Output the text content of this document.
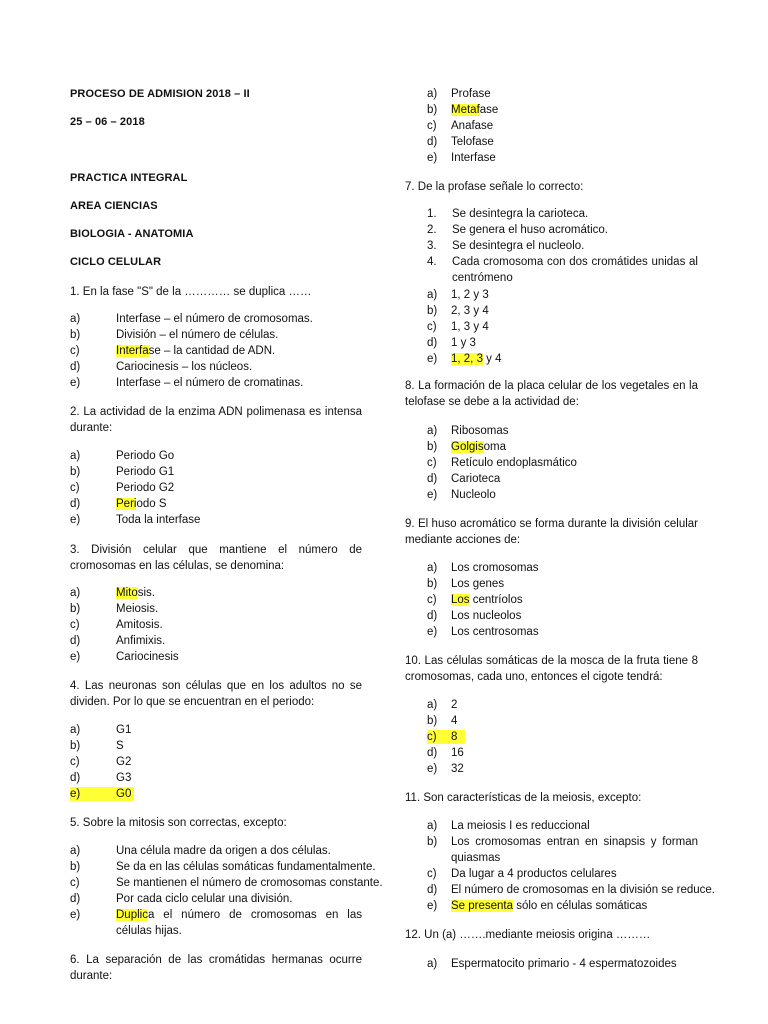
PROCESO DE ADMISION 2018 – II
25 – 06 – 2018
PRACTICA INTEGRAL
AREA CIENCIAS
BIOLOGIA - ANATOMIA
CICLO CELULAR
1. En la fase "S" de la ………… se duplica ……
a)	Interfase – el número de cromosomas.
b)	División – el número de células.
c)	Interfase – la cantidad de ADN.
d)	Cariocinesis – los núcleos.
e)	Interfase – el número de cromatinas.
2. La actividad de la enzima ADN polimenasa es intensa durante:
a)	Periodo Go
b)	Periodo G1
c)	Periodo G2
d)	Periodo S
e)	Toda la interfase
3. División celular que mantiene el número de cromosomas en las células, se denomina:
a)	Mitosis.
b)	Meiosis.
c)	Amitosis.
d)	Anfimixis.
e)	Cariocinesis
4. Las neuronas son células que en los adultos no se dividen. Por lo que se encuentran en el periodo:
a)	G1
b)	S
c)	G2
d)	G3
e)	G0
5. Sobre la mitosis son correctas, excepto:
a)	Una célula madre da origen a dos células.
b)	Se da en las células somáticas fundamentalmente.
c)	Se mantienen el número de cromosomas constante.
d)	Por cada ciclo celular una división.
e)	Duplica el número de cromosomas en las células hijas.
6. La separación de las cromátidas hermanas ocurre durante:
a) Profase
b) Metafase
c) Anafase
d) Telofase
e) Interfase
7. De la profase señale lo correcto:
1. Se desintegra la carioteca.
2. Se genera el huso acromático.
3. Se desintegra el nucleolo.
4. Cada cromosoma con dos cromátides unidas al centrómeno
a) 1, 2 y 3
b) 2, 3 y 4
c) 1, 3 y 4
d) 1 y 3
e) 1, 2, 3 y 4
8. La formación de la placa celular de los vegetales en la telofase se debe a la actividad de:
a) Ribosomas
b) Golgisoma
c) Retículo endoplasmático
d) Carioteca
e) Nucleolo
9. El huso acromático se forma durante la división celular mediante acciones de:
a) Los cromosomas
b) Los genes
c) Los centríolos
d) Los nucleolos
e) Los centrosomas
10. Las células somáticas de la mosca de la fruta tiene 8 cromosomas, cada uno, entonces el cigote tendrá:
a) 2
b) 4
c) 8
d) 16
e) 32
11. Son características de la meiosis, excepto:
a) La meiosis I es reduccional
b) Los cromosomas entran en sinapsis y forman quiasmas
c) Da lugar a 4 productos celulares
d) El número de cromosomas en la división se reduce.
e) Se presenta sólo en células somáticas
12. Un (a) …….mediante meiosis origina ………
a) Espermatocito primario - 4 espermatozoides
